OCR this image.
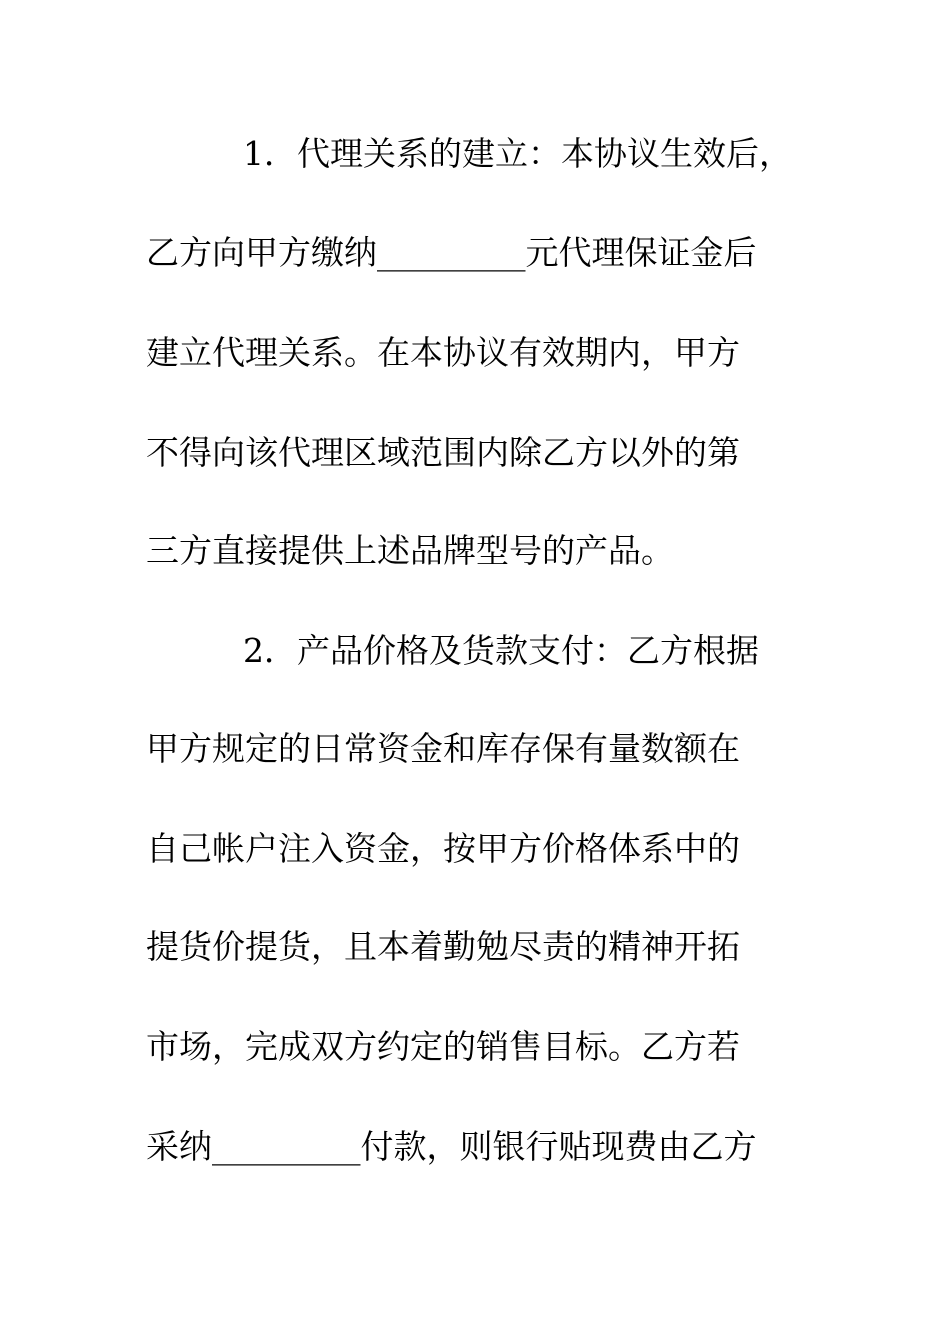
1．代理关系的建立：本协议生效后，
乙方向甲方缴纳_________元代理保证金后
建立代理关系。在本协议有效期内，甲方
不得向该代理区域范围内除乙方以外的第
三方直接提供上述品牌型号的产品。
2．产品价格及货款支付：乙方根据
甲方规定的日常资金和库存保有量数额在
自己帐户注入资金，按甲方价格体系中的
提货价提货，且本着勤勉尽责的精神开拓
市场，完成双方约定的销售目标。乙方若
采纳_________付款，则银行贴现费由乙方
